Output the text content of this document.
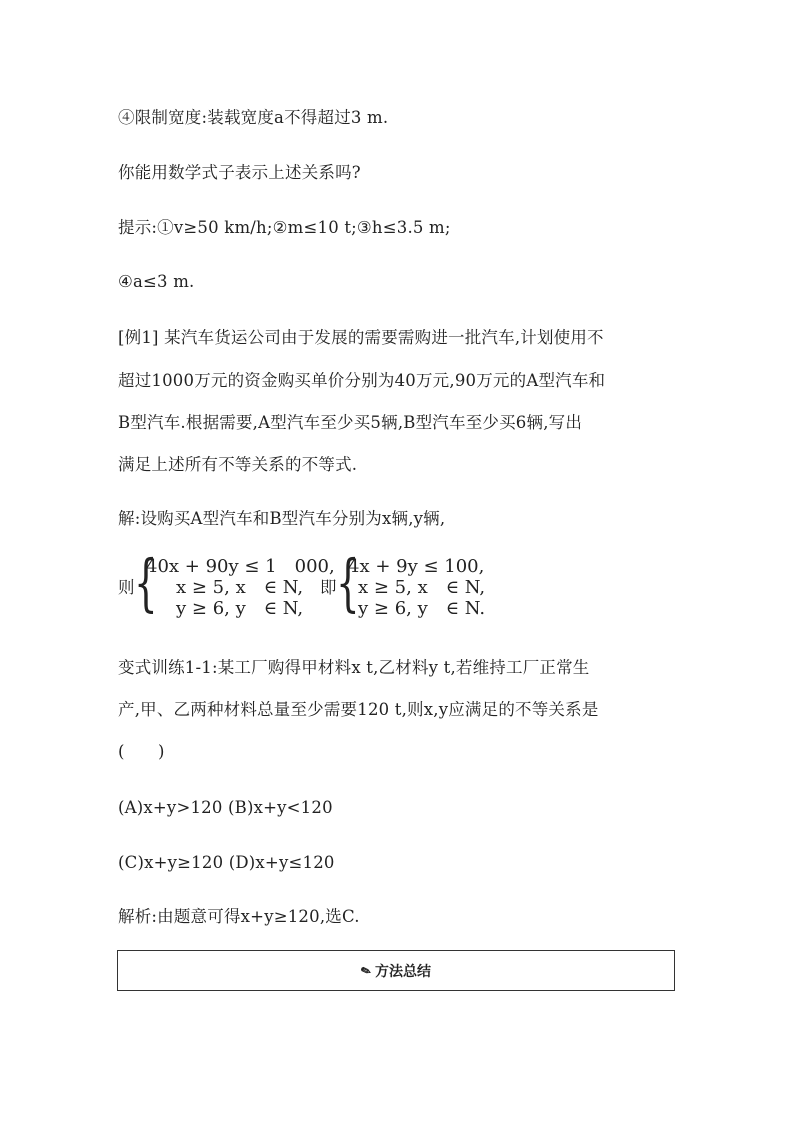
④限制宽度:装载宽度a不得超过3 m.
你能用数学式子表示上述关系吗?
提示:①v≥50 km/h;②m≤10 t;③h≤3.5 m;
④a≤3 m.
[例1] 某汽车货运公司由于发展的需要需购进一批汽车,计划使用不
超过1000万元的资金购买单价分别为40万元,90万元的A型汽车和
B型汽车.根据需要,A型汽车至少买5辆,B型汽车至少买6辆,写出
满足上述所有不等关系的不等式.
解:设购买A型汽车和B型汽车分别为x辆,y辆,
则 {
40x + 90y ≤ 1　000,
x ≥ 5, x　∈ N,
y ≥ 6, y　∈ N,
即 {
4x + 9y ≤ 100,
x ≥ 5, x　∈ N,
y ≥ 6, y　∈ N.
变式训练1-1:某工厂购得甲材料x t,乙材料y t,若维持工厂正常生
产,甲、乙两种材料总量至少需要120 t,则x,y应满足的不等关系是
(　　)
(A)x+y>120 (B)x+y<120
(C)x+y≥120 (D)x+y≤120
解析:由题意可得x+y≥120,选C.
✎ 方法总结
